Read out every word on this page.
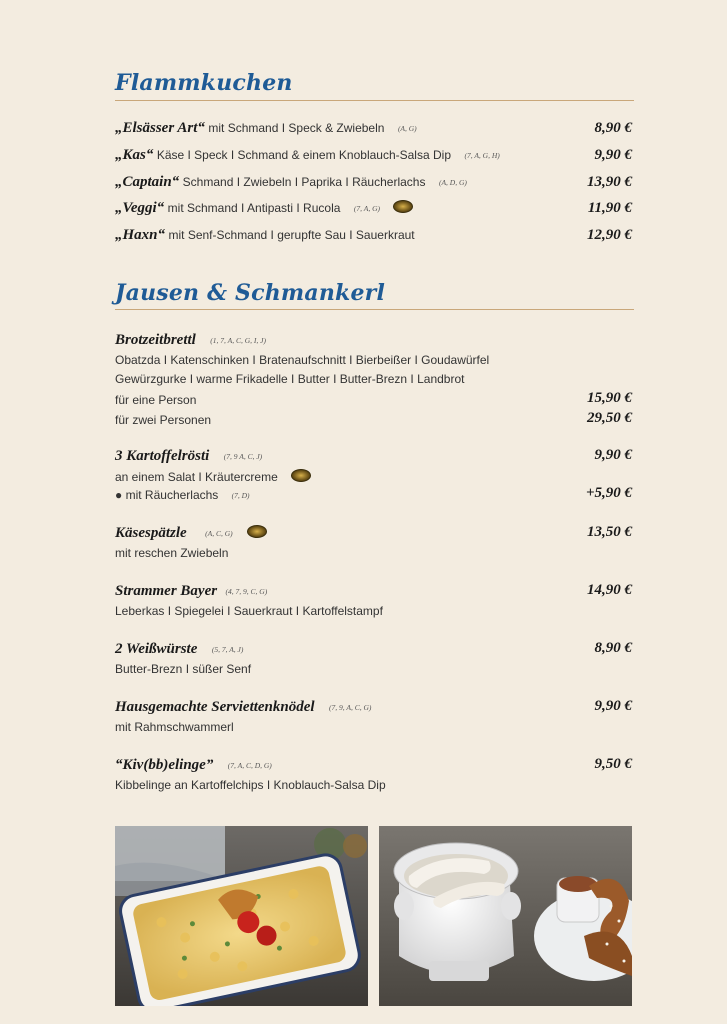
Flammkuchen
„Elsässer Art“ mit Schmand I Speck & Zwiebeln (A, G)	8,90 €
„Kas“ Käse I Speck I Schmand & einem Knoblauch-Salsa Dip (7, A, G, H)	9,90 €
„Captain“ Schmand I Zwiebeln I Paprika I Räucherlachs (A, D, G)	13,90 €
„Veggi“ mit Schmand I Antipasti I Rucola (7, A, G)	11,90 €
„Haxn“ mit Senf-Schmand I gerupfte Sau I Sauerkraut	12,90 €
Jausen & Schmankerl
Brotzeitbrettl (1, 7, A, C, G, I, J)
Obatzda I Katenschinken I Bratenaufschnitt I Bierbeißer I Goudawürfel
Gewürzgurke I warme Frikadelle I Butter I Butter-Brezn I Landbrot
für eine Person	15,90 €
für zwei Personen	29,50 €
3 Kartoffelrösti (7, 9 A, C, J)	9,90 €
an einem Salat I Kräutercreme
● mit Räucherlachs (7, D)	+5,90 €
Käsespätzle (A, C, G)	13,50 €
mit reschen Zwiebeln
Strammer Bayer (4, 7, 9, C, G)	14,90 €
Leberkas I Spiegelei I Sauerkraut I Kartoffelstampf
2 Weißwürste (5, 7, A, J)	8,90 €
Butter-Brezn I süßer Senf
Hausgemachte Serviettenknödel (7, 9, A, C, G)	9,90 €
mit Rahmschwammerl
“Kiv(bb)elinge” (7, A, C, D, G)	9,50 €
Kibbelinge an Kartoffelchips I Knoblauch-Salsa Dip
